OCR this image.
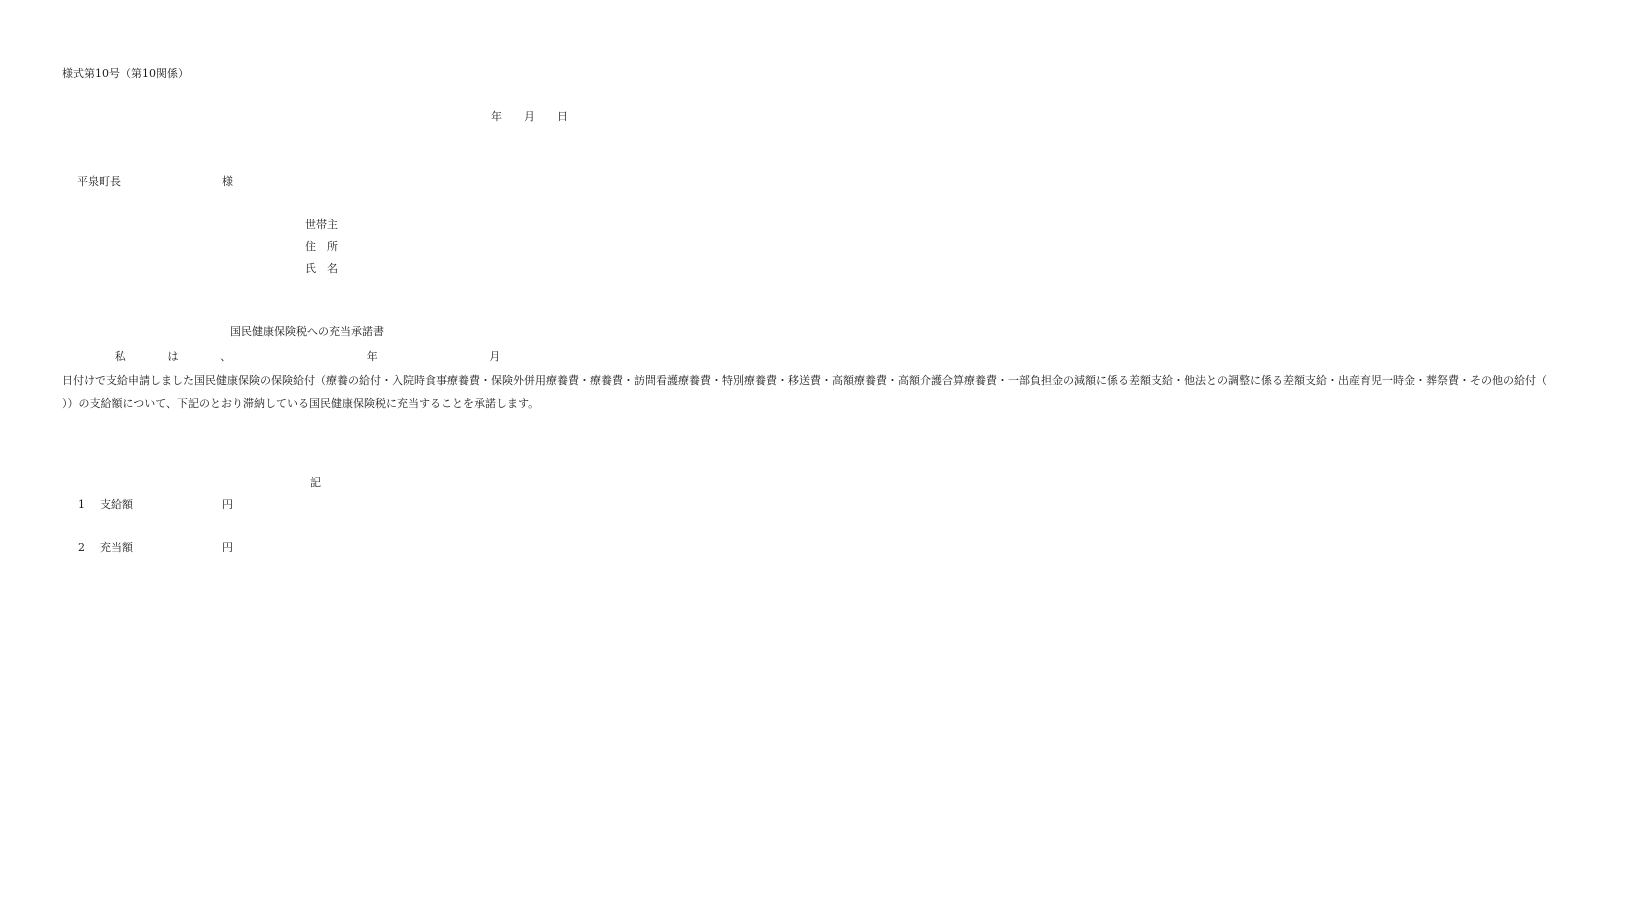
様式第10号（第10関係）
年　　月　　日
平泉町長	様
世帯主
住　所
氏　名
国民健康保険税への充当承諾書
　私は、	年	月日付けで支給申請しました国民健康保険の保険給付（療養の給付・入院時食事療養費・保険外併用療養費・療養費・訪問看護療養費・特別療養費・移送費・高額療養費・高額介護合算療養費・一部負担金の減額に係る差額支給・他法との調整に係る差額支給・出産育児一時金・葬祭費・その他の給付（））の支給額について、下記のとおり滞納している国民健康保険税に充当することを承諾します。
記
1 支給額	円
2 充当額	円
